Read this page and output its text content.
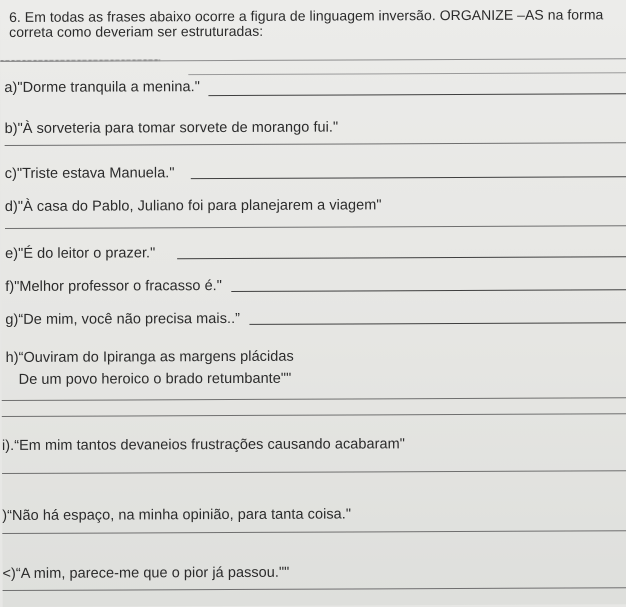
6. Em todas as frases abaixo ocorre a figura de linguagem inversão. ORGANIZE –AS na forma
correta como deveriam ser estruturadas:
a)"Dorme tranquila a menina."
b)"À sorveteria para tomar sorvete de morango fui."
c)"Triste estava Manuela."
d)"À casa do Pablo, Juliano foi para planejarem a viagem"
e)"É do leitor o prazer."
f)"Melhor professor o fracasso é."
g)“De mim, você não precisa mais..”
h)“Ouviram do Ipiranga as margens plácidas
De um povo heroico o brado retumbante""
i).“Em mim tantos devaneios frustrações causando acabaram"
)“Não há espaço, na minha opinião, para tanta coisa."
<)“A mim, parece-me que o pior já passou.""
